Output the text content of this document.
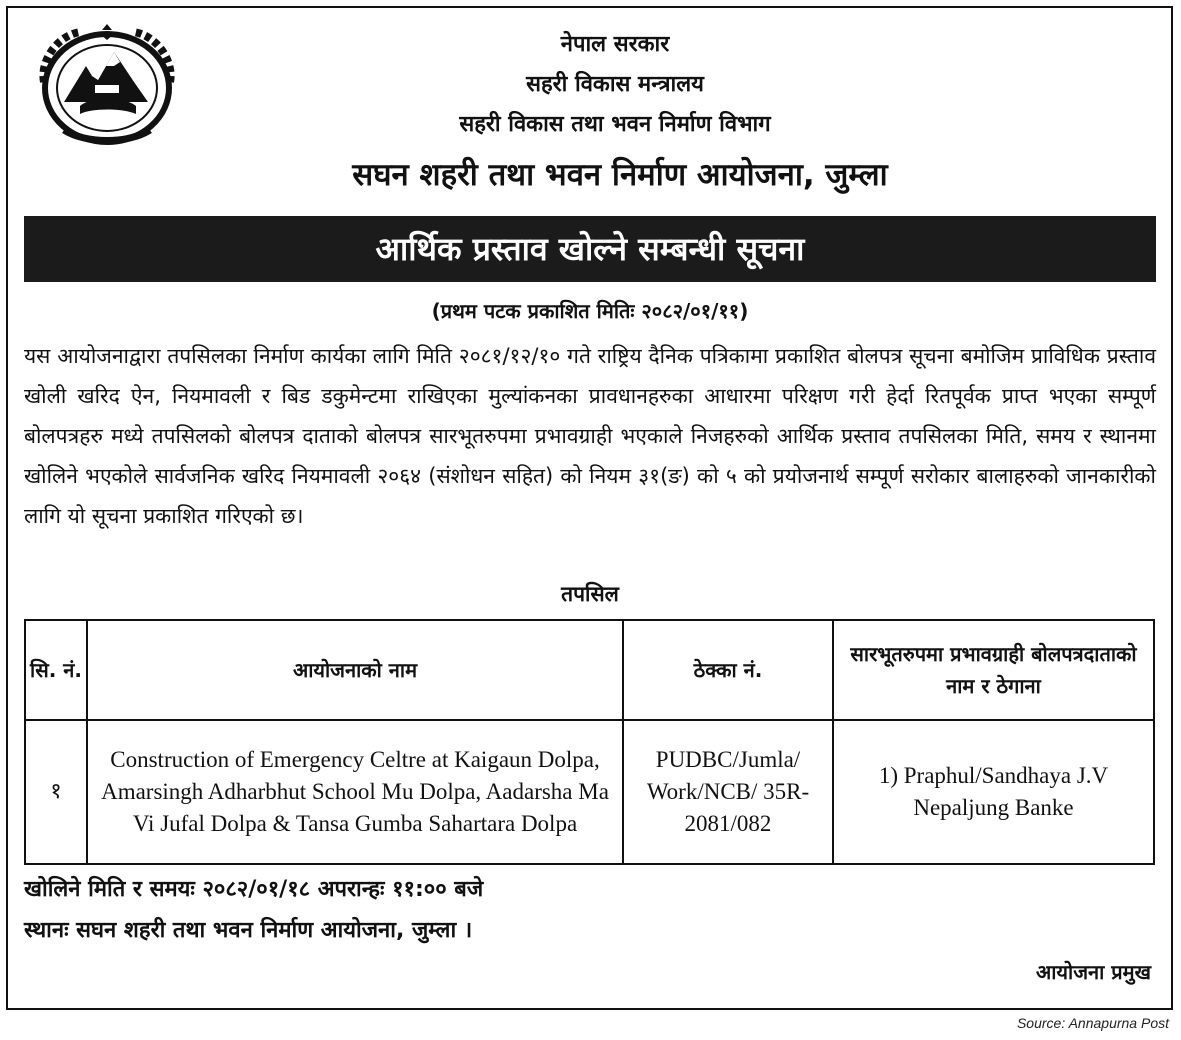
नेपाल सरकार
सहरी विकास मन्त्रालय
सहरी विकास तथा भवन निर्माण विभाग
सघन शहरी तथा भवन निर्माण आयोजना, जुम्ला
आर्थिक प्रस्ताव खोल्ने सम्बन्धी सूचना
(प्रथम पटक प्रकाशित मितिः २०८२/०१/११)
यस आयोजनाद्वारा तपसिलका निर्माण कार्यका लागि मिति २०८१/१२/१० गते राष्ट्रिय दैनिक पत्रिकामा प्रकाशित बोलपत्र सूचना बमोजिम प्राविधिक प्रस्ताव खोली खरिद ऐन, नियमावली र बिड डकुमेन्टमा राखिएका मुल्यांकनका प्रावधानहरुका आधारमा परिक्षण गरी हेर्दा रितपूर्वक प्राप्त भएका सम्पूर्ण बोलपत्रहरु मध्ये तपसिलको बोलपत्र दाताको बोलपत्र सारभूतरुपमा प्रभावग्राही भएकाले निजहरुको आर्थिक प्रस्ताव तपसिलका मिति, समय र स्थानमा खोलिने भएकोले सार्वजनिक खरिद नियमावली २०६४ (संशोधन सहित) को नियम ३१(ङ) को ५ को प्रयोजनार्थ सम्पूर्ण सरोकार बालाहरुको जानकारीको लागि यो सूचना प्रकाशित गरिएको छ।
तपसिल
सि. नं.	आयोजनाको नाम	ठेक्का नं.	सारभूतरुपमा प्रभावग्राही बोलपत्रदाताको नाम र ठेगाना
१	Construction of Emergency Celtre at Kaigaun Dolpa, Amarsingh Adharbhut School Mu Dolpa, Aadarsha Ma Vi Jufal Dolpa & Tansa Gumba Sahartara Dolpa	PUDBC/Jumla/ Work/NCB/ 35R-2081/082	1) Praphul/Sandhaya J.V Nepaljung Banke
खोलिने मिति र समयः २०८२/०१/१८ अपरान्हः ११:०० बजे
स्थानः सघन शहरी तथा भवन निर्माण आयोजना, जुम्ला ।
आयोजना प्रमुख
Source: Annapurna Post
